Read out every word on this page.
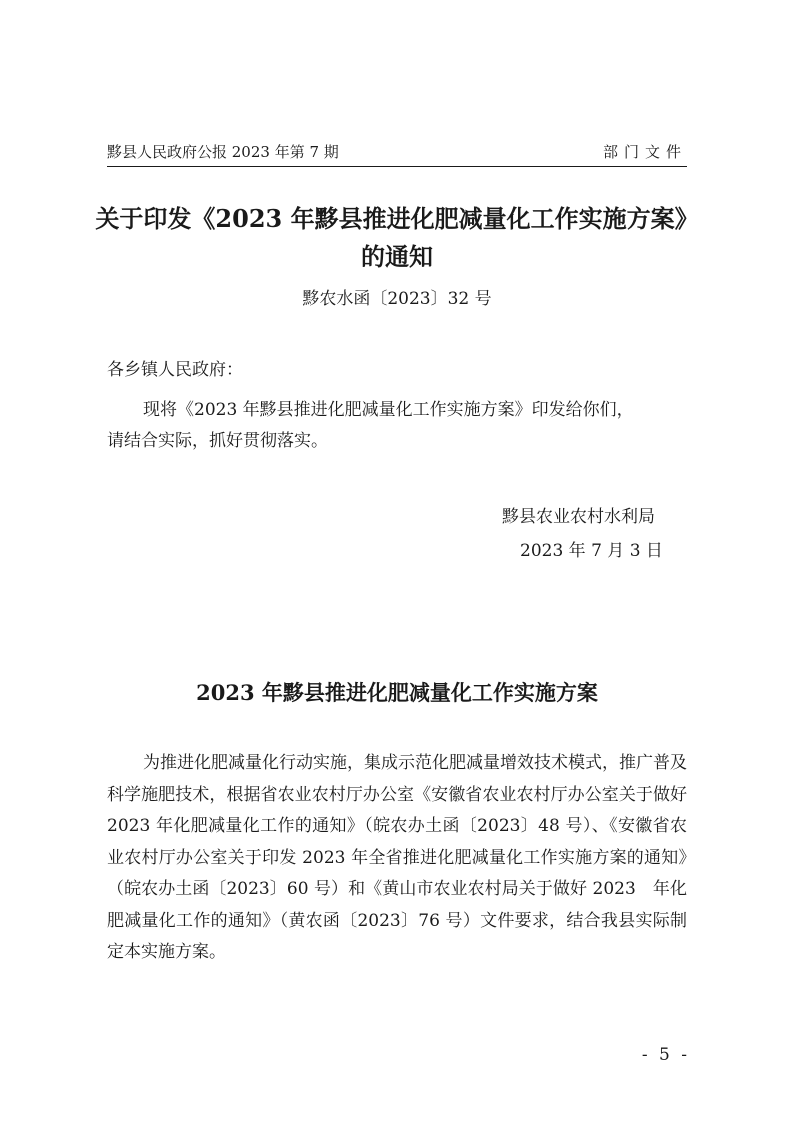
黟县人民政府公报 2023 年第 7 期	部门文件
关于印发《2023 年黟县推进化肥减量化工作实施方案》
的通知
黟农水函〔2023〕32 号
各乡镇人民政府：

现将《2023 年黟县推进化肥减量化工作实施方案》印发给你们，

请结合实际，抓好贯彻落实。

黟县农业农村水利局
2023 年 7 月 3 日
2023 年黟县推进化肥减量化工作实施方案

为推进化肥减量化行动实施，集成示范化肥减量增效技术模式，推广普及科学施肥技术，根据省农业农村厅办公室《安徽省农业农村厅办公室关于做好 2023 年化肥减量化工作的通知》（皖农办土函〔2023〕48 号）、《安徽省农业农村厅办公室关于印发 2023 年全省推进化肥减量化工作实施方案的通知》（皖农办土函〔2023〕60 号）和《黄山市农业农村局关于做好 2023　年化肥减量化工作的通知》（黄农函〔2023〕76 号）文件要求，结合我县实际制定本实施方案。

- 5 -
